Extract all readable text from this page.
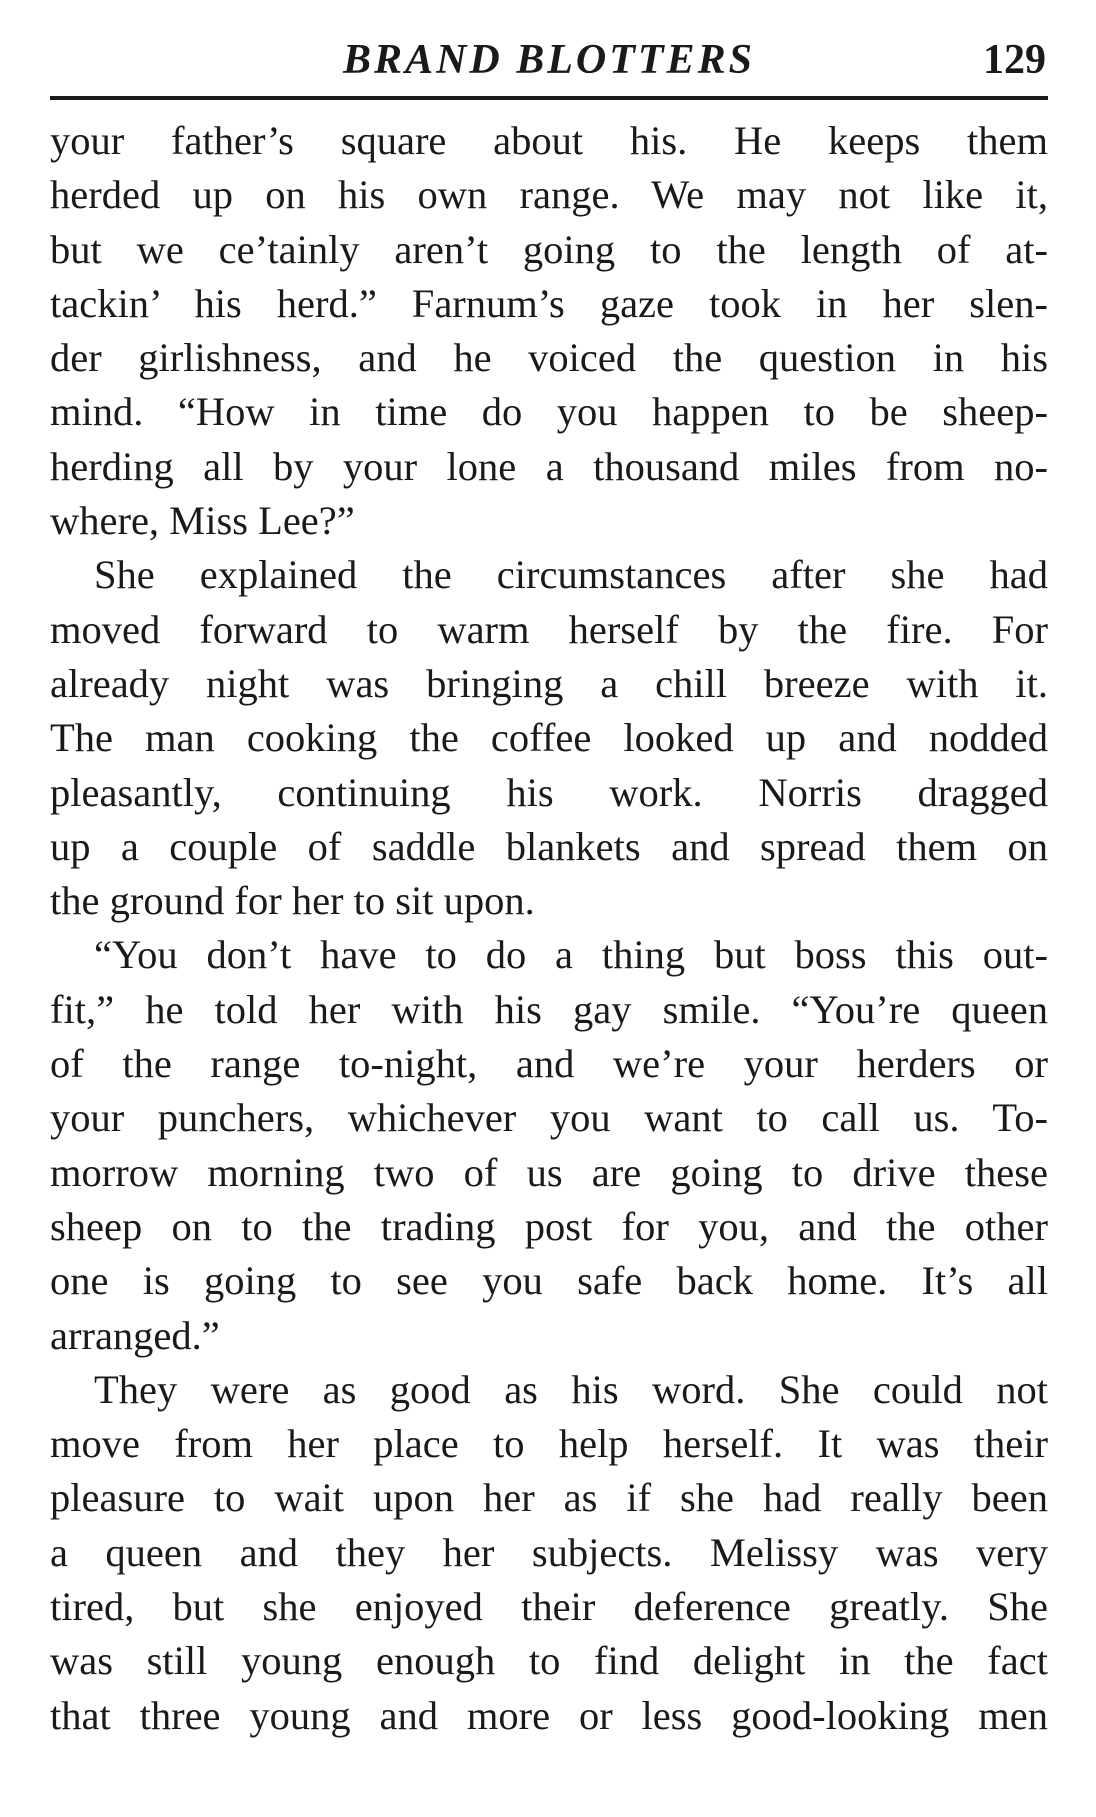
BRAND BLOTTERS	129
your father’s square about his. He keeps them
herded up on his own range. We may not like it,
but we ce’tainly aren’t going to the length of at-
tackin’ his herd.” Farnum’s gaze took in her slen-
der girlishness, and he voiced the question in his
mind. “How in time do you happen to be sheep-
herding all by your lone a thousand miles from no-
where, Miss Lee?”
She explained the circumstances after she had
moved forward to warm herself by the fire. For
already night was bringing a chill breeze with it.
The man cooking the coffee looked up and nodded
pleasantly, continuing his work. Norris dragged
up a couple of saddle blankets and spread them on
the ground for her to sit upon.
“You don’t have to do a thing but boss this out-
fit,” he told her with his gay smile. “You’re queen
of the range to-night, and we’re your herders or
your punchers, whichever you want to call us. To-
morrow morning two of us are going to drive these
sheep on to the trading post for you, and the other
one is going to see you safe back home. It’s all
arranged.”
They were as good as his word. She could not
move from her place to help herself. It was their
pleasure to wait upon her as if she had really been
a queen and they her subjects. Melissy was very
tired, but she enjoyed their deference greatly. She
was still young enough to find delight in the fact
that three young and more or less good-looking men
